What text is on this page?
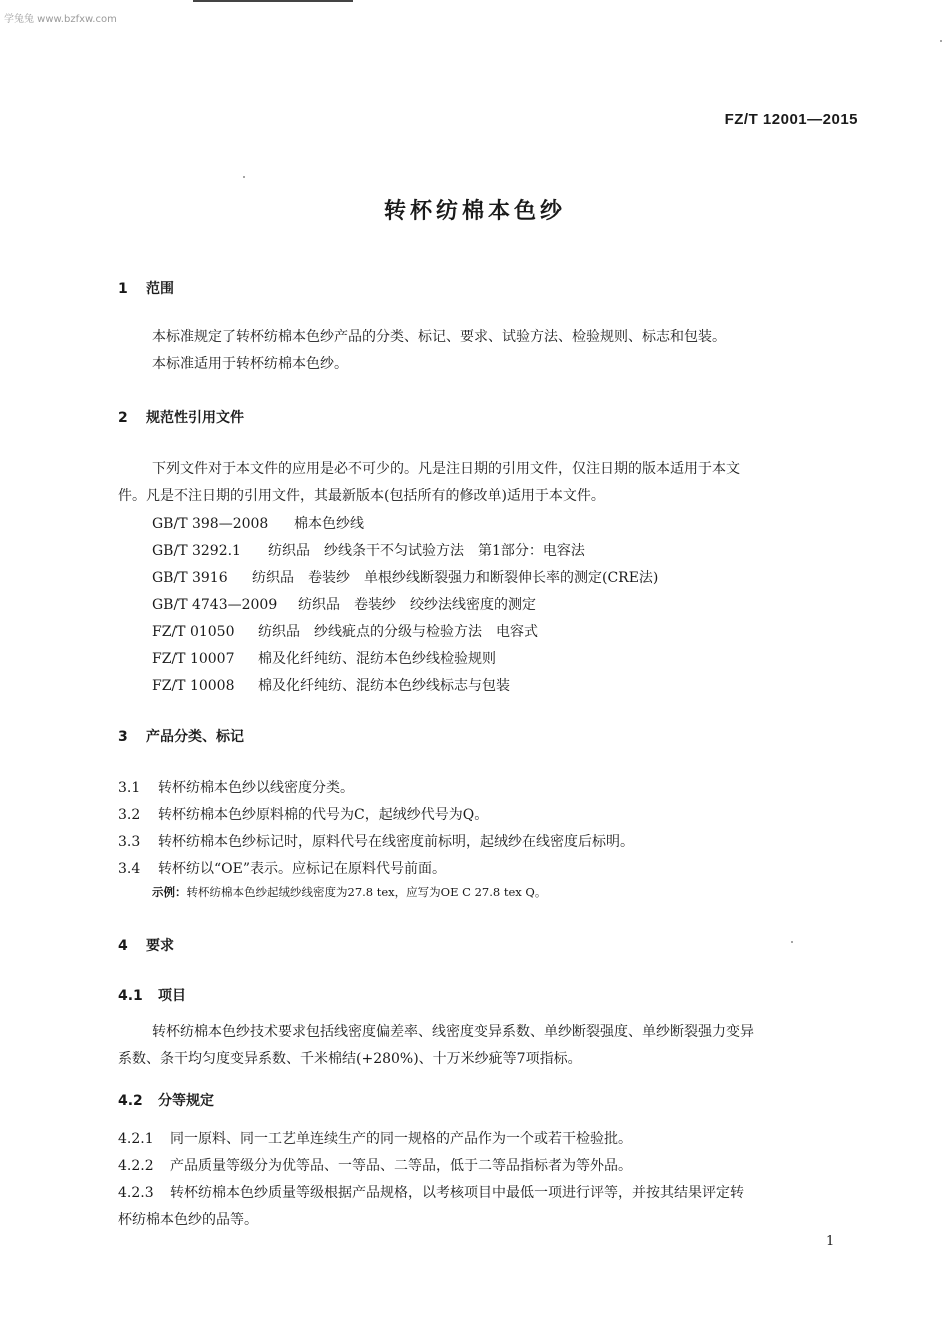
学兔兔 www.bzfxw.com
FZ/T 12001—2015
转杯纺棉本色纱
1 范围
本标准规定了转杯纺棉本色纱产品的分类、标记、要求、试验方法、检验规则、标志和包装。
本标准适用于转杯纺棉本色纱。
2 规范性引用文件
下列文件对于本文件的应用是必不可少的。凡是注日期的引用文件，仅注日期的版本适用于本文
件。凡是不注日期的引用文件，其最新版本(包括所有的修改单)适用于本文件。
GB/T 398—2008 棉本色纱线
GB/T 3292.1 纺织品　纱线条干不匀试验方法　第1部分：电容法
GB/T 3916 纺织品　卷装纱　单根纱线断裂强力和断裂伸长率的测定(CRE法)
GB/T 4743—2009 纺织品　卷装纱　绞纱法线密度的测定
FZ/T 01050 纺织品　纱线疵点的分级与检验方法　电容式
FZ/T 10007 棉及化纤纯纺、混纺本色纱线检验规则
FZ/T 10008 棉及化纤纯纺、混纺本色纱线标志与包装
3 产品分类、标记
3.1 转杯纺棉本色纱以线密度分类。
3.2 转杯纺棉本色纱原料棉的代号为C，起绒纱代号为Q。
3.3 转杯纺棉本色纱标记时，原料代号在线密度前标明，起绒纱在线密度后标明。
3.4 转杯纺以“OE”表示。应标记在原料代号前面。
示例：转杯纺棉本色纱起绒纱线密度为27.8 tex，应写为OE C 27.8 tex Q。
4 要求
4.1 项目
转杯纺棉本色纱技术要求包括线密度偏差率、线密度变异系数、单纱断裂强度、单纱断裂强力变异
系数、条干均匀度变异系数、千米棉结(+280%)、十万米纱疵等7项指标。
4.2 分等规定
4.2.1 同一原料、同一工艺单连续生产的同一规格的产品作为一个或若干检验批。
4.2.2 产品质量等级分为优等品、一等品、二等品，低于二等品指标者为等外品。
4.2.3 转杯纺棉本色纱质量等级根据产品规格，以考核项目中最低一项进行评等，并按其结果评定转
杯纺棉本色纱的品等。
1
